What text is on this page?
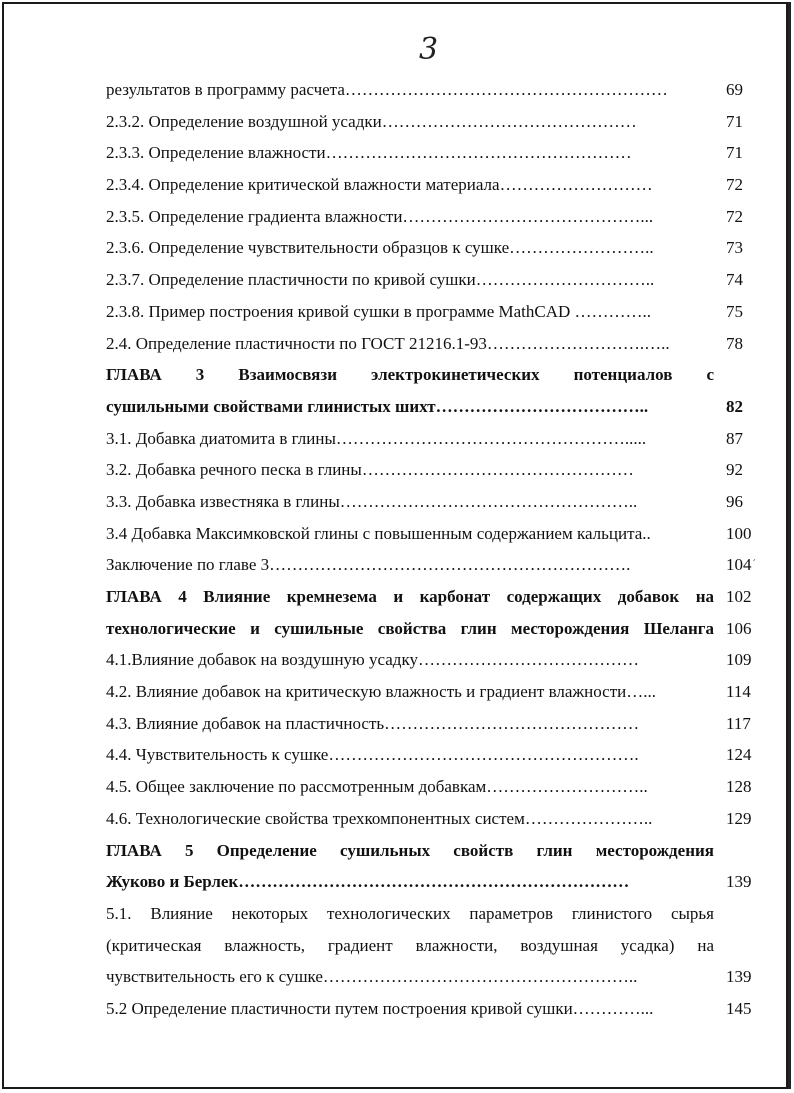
3
результатов в программу расчета…………………………………………………	69
2.3.2. Определение воздушной усадки………………………………………	71
2.3.3. Определение влажности………………………………………………	71
2.3.4. Определение критической влажности материала………………………	72
2.3.5. Определение градиента влажности……………………………………...	72
2.3.6. Определение чувствительности образцов к сушке……………………..	73
2.3.7. Определение пластичности по кривой сушки…………………………..	74
2.3.8. Пример построения кривой сушки в программе MathCAD …………..	75
2.4. Определение пластичности по ГОСТ 21216.1-93……………………….…..	78
ГЛАВА 3 Взаимосвязи электрокинетических потенциалов с
сушильными свойствами глинистых шихт………………………………..	82
3.1. Добавка диатомита в глины…………………………………………….....	87
3.2. Добавка речного песка в глины…………………………………………	92
3.3. Добавка известняка в глины……………………………………………..	96
3.4 Добавка Максимковской глины с повышенным содержанием кальцита..	100
Заключение по главе 3……………………………………………………….	104´
ГЛАВА 4 Влияние кремнезема и карбонат содержащих добавок на 102
технологические и сушильные свойства глин месторождения Шеланга 106
4.1.Влияние добавок на воздушную усадку…………………………………	109
4.2. Влияние добавок на критическую влажность и градиент влажности…...	114
4.3. Влияние добавок на пластичность………………………………………	117
4.4. Чувствительность к сушке……………………………………………….	124
4.5. Общее заключение по рассмотренным добавкам………………………..	128
4.6. Технологические свойства трехкомпонентных систем…………………..	129
ГЛАВА 5 Определение сушильных свойств глин месторождения
Жуково и Берлек……………………………………………………………	139
5.1. Влияние некоторых технологических параметров глинистого сырья
(критическая влажность, градиент влажности, воздушная усадка) на
чувствительность его к сушке………………………………………………..	139
5.2 Определение пластичности путем построения кривой сушки…………...	145
